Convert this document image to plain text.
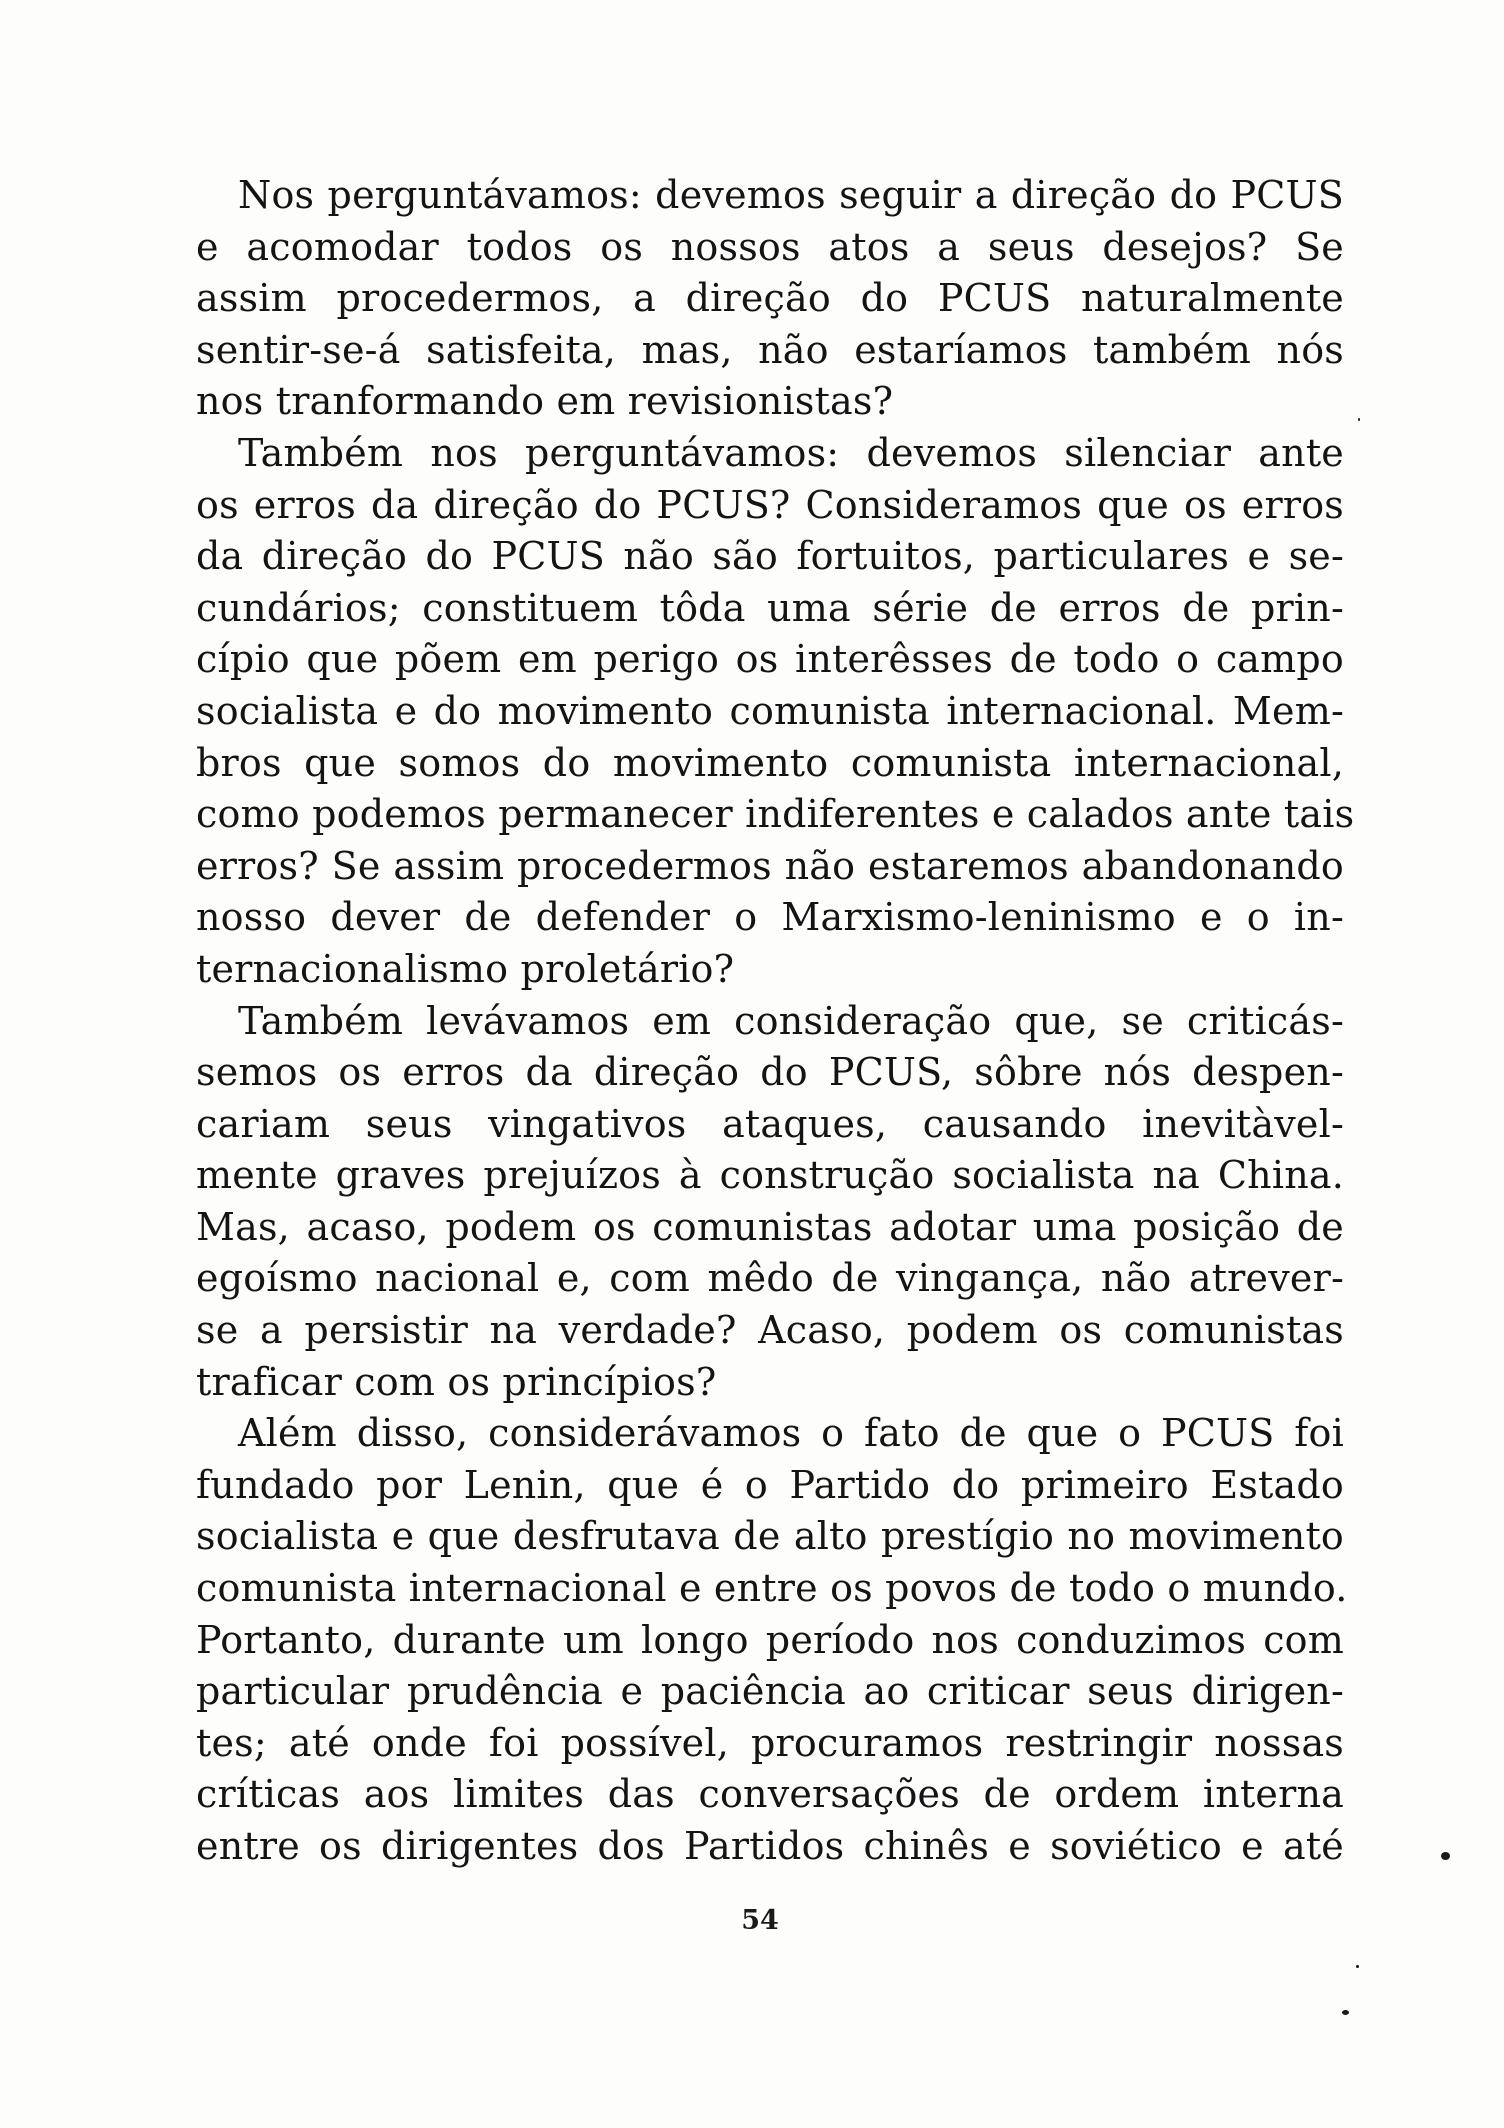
Nos perguntávamos: devemos seguir a direção do PCUS
e acomodar todos os nossos atos a seus desejos? Se
assim procedermos, a direção do PCUS naturalmente
sentir-se-á satisfeita, mas, não estaríamos também nós
nos tranformando em revisionistas?
Também nos perguntávamos: devemos silenciar ante
os erros da direção do PCUS? Consideramos que os erros
da direção do PCUS não são fortuitos, particulares e se-
cundários; constituem tôda uma série de erros de prin-
cípio que põem em perigo os interêsses de todo o campo
socialista e do movimento comunista internacional. Mem-
bros que somos do movimento comunista internacional,
como podemos permanecer indiferentes e calados ante tais
erros? Se assim procedermos não estaremos abandonando
nosso dever de defender o Marxismo-leninismo e o in-
ternacionalismo proletário?
Também levávamos em consideração que, se criticás-
semos os erros da direção do PCUS, sôbre nós despen-
cariam seus vingativos ataques, causando inevitàvel-
mente graves prejuízos à construção socialista na China.
Mas, acaso, podem os comunistas adotar uma posição de
egoísmo nacional e, com mêdo de vingança, não atrever-
se a persistir na verdade? Acaso, podem os comunistas
traficar com os princípios?
Além disso, considerávamos o fato de que o PCUS foi
fundado por Lenin, que é o Partido do primeiro Estado
socialista e que desfrutava de alto prestígio no movimento
comunista internacional e entre os povos de todo o mundo.
Portanto, durante um longo período nos conduzimos com
particular prudência e paciência ao criticar seus dirigen-
tes; até onde foi possível, procuramos restringir nossas
críticas aos limites das conversações de ordem interna
entre os dirigentes dos Partidos chinês e soviético e até
54
